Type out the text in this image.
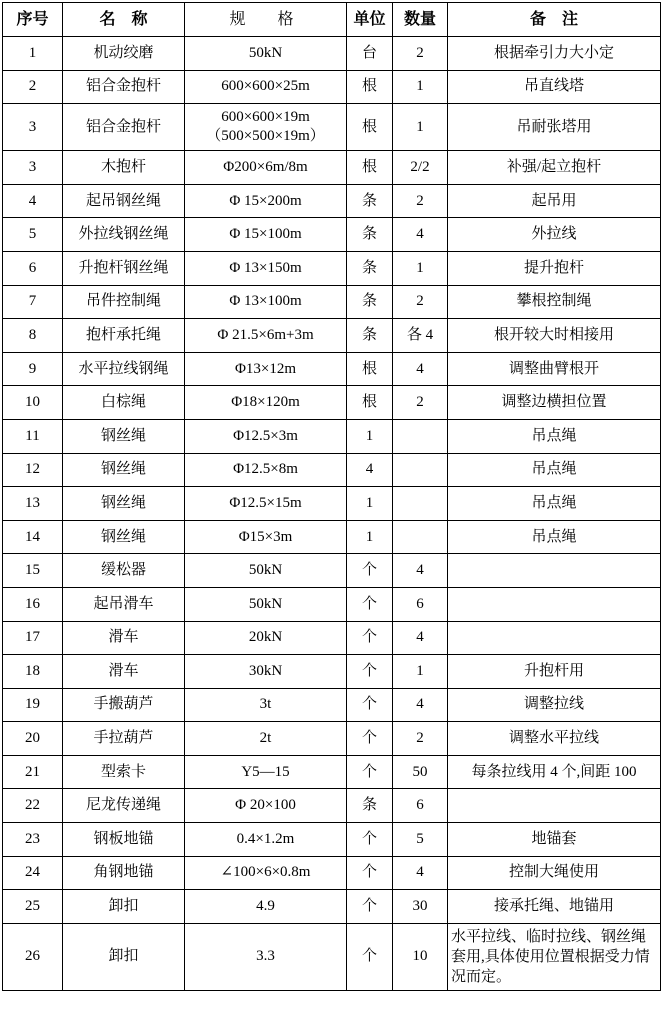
序号	名　称	规　格	单位	数量	备　注
1	机动绞磨	50kN	台	2	根据牵引力大小定
2	铝合金抱杆	600×600×25m	根	1	吊直线塔
3	铝合金抱杆	600×600×19m
（500×500×19m）	根	1	吊耐张塔用
3	木抱杆	Φ200×6m/8m	根	2/2	补强/起立抱杆
4	起吊钢丝绳	Φ 15×200m	条	2	起吊用
5	外拉线钢丝绳	Φ 15×100m	条	4	外拉线
6	升抱杆钢丝绳	Φ 13×150m	条	1	提升抱杆
7	吊件控制绳	Φ 13×100m	条	2	攀根控制绳
8	抱杆承托绳	Φ 21.5×6m+3m	条	各 4	根开较大时相接用
9	水平拉线钢绳	Φ13×12m	根	4	调整曲臂根开
10	白棕绳	Φ18×120m	根	2	调整边横担位置
11	钢丝绳	Φ12.5×3m	1		吊点绳
12	钢丝绳	Φ12.5×8m	4		吊点绳
13	钢丝绳	Φ12.5×15m	1		吊点绳
14	钢丝绳	Φ15×3m	1		吊点绳
15	缓松器	50kN	个	4	
16	起吊滑车	50kN	个	6	
17	滑车	20kN	个	4	
18	滑车	30kN	个	1	升抱杆用
19	手搬葫芦	3t	个	4	调整拉线
20	手拉葫芦	2t	个	2	调整水平拉线
21	型索卡	Y5—15	个	50	每条拉线用 4 个,间距 100
22	尼龙传递绳	Φ 20×100	条	6	
23	钢板地锚	0.4×1.2m	个	5	地锚套
24	角钢地锚	∠100×6×0.8m	个	4	控制大绳使用
25	卸扣	4.9	个	30	接承托绳、地锚用
26	卸扣	3.3	个	10	水平拉线、临时拉线、钢丝绳套用,具体使用位置根据受力情况而定。
